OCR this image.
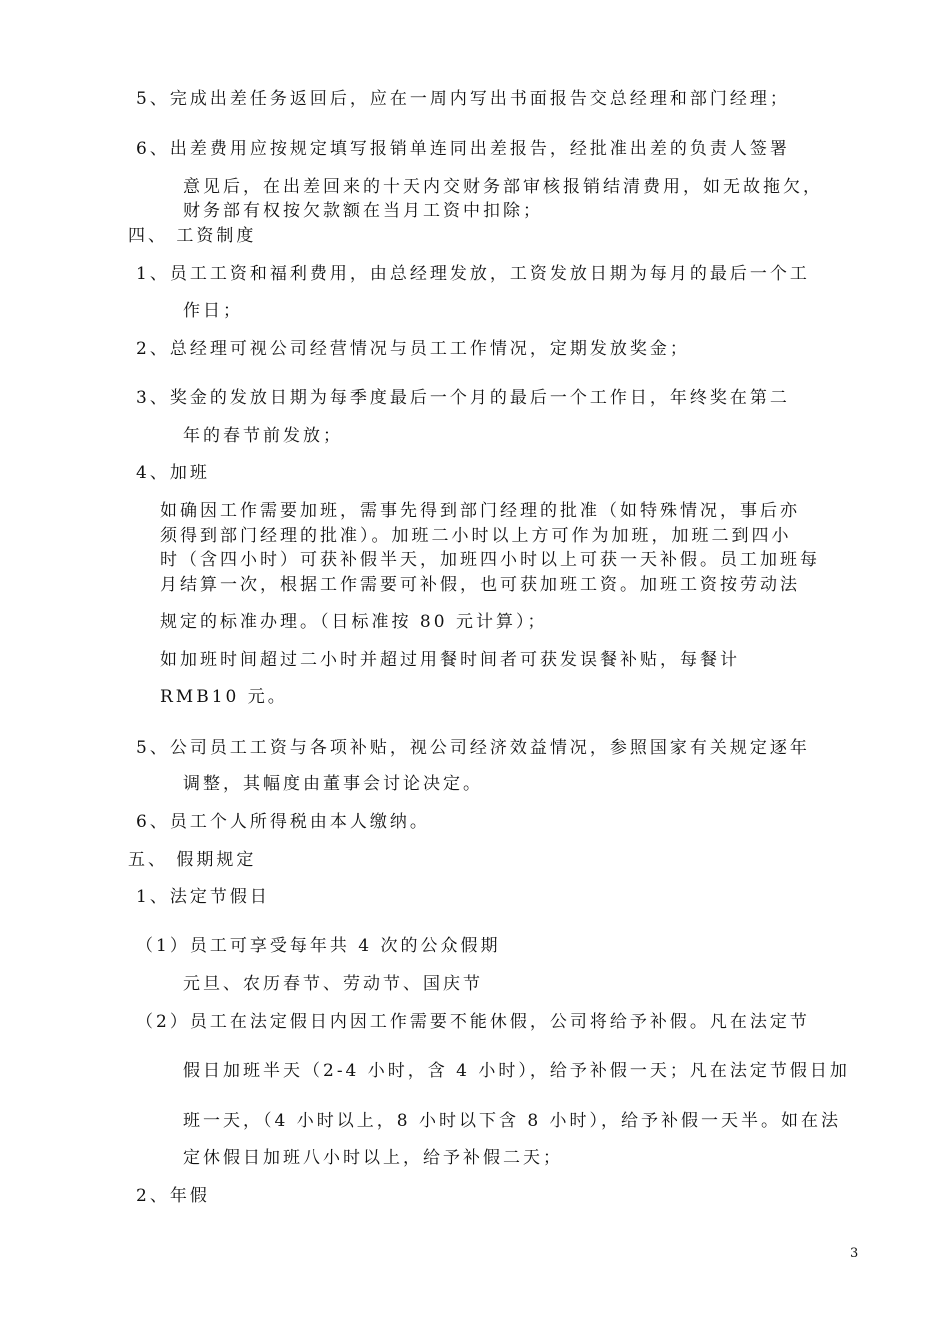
5、完成出差任务返回后，应在一周内写出书面报告交总经理和部门经理；
6、出差费用应按规定填写报销单连同出差报告，经批准出差的负责人签署
意见后，在出差回来的十天内交财务部审核报销结清费用，如无故拖欠，
财务部有权按欠款额在当月工资中扣除；
四、 工资制度
1、员工工资和福利费用，由总经理发放，工资发放日期为每月的最后一个工
作日；
2、总经理可视公司经营情况与员工工作情况，定期发放奖金；
3、奖金的发放日期为每季度最后一个月的最后一个工作日，年终奖在第二
年的春节前发放；
4、加班
如确因工作需要加班，需事先得到部门经理的批准（如特殊情况，事后亦
须得到部门经理的批准）。加班二小时以上方可作为加班，加班二到四小
时（含四小时）可获补假半天，加班四小时以上可获一天补假。员工加班每
月结算一次，根据工作需要可补假，也可获加班工资。加班工资按劳动法
规定的标准办理。（日标准按 80 元计算）；
如加班时间超过二小时并超过用餐时间者可获发误餐补贴，每餐计
RMB10 元。
5、公司员工工资与各项补贴，视公司经济效益情况，参照国家有关规定逐年
调整，其幅度由董事会讨论决定。
6、员工个人所得税由本人缴纳。
五、 假期规定
1、法定节假日
（1）员工可享受每年共 4 次的公众假期
元旦、农历春节、劳动节、国庆节
（2）员工在法定假日内因工作需要不能休假，公司将给予补假。凡在法定节
假日加班半天（2-4 小时，含 4 小时），给予补假一天；凡在法定节假日加
班一天，（4 小时以上，8 小时以下含 8 小时），给予补假一天半。如在法
定休假日加班八小时以上，给予补假二天；
2、年假
3
